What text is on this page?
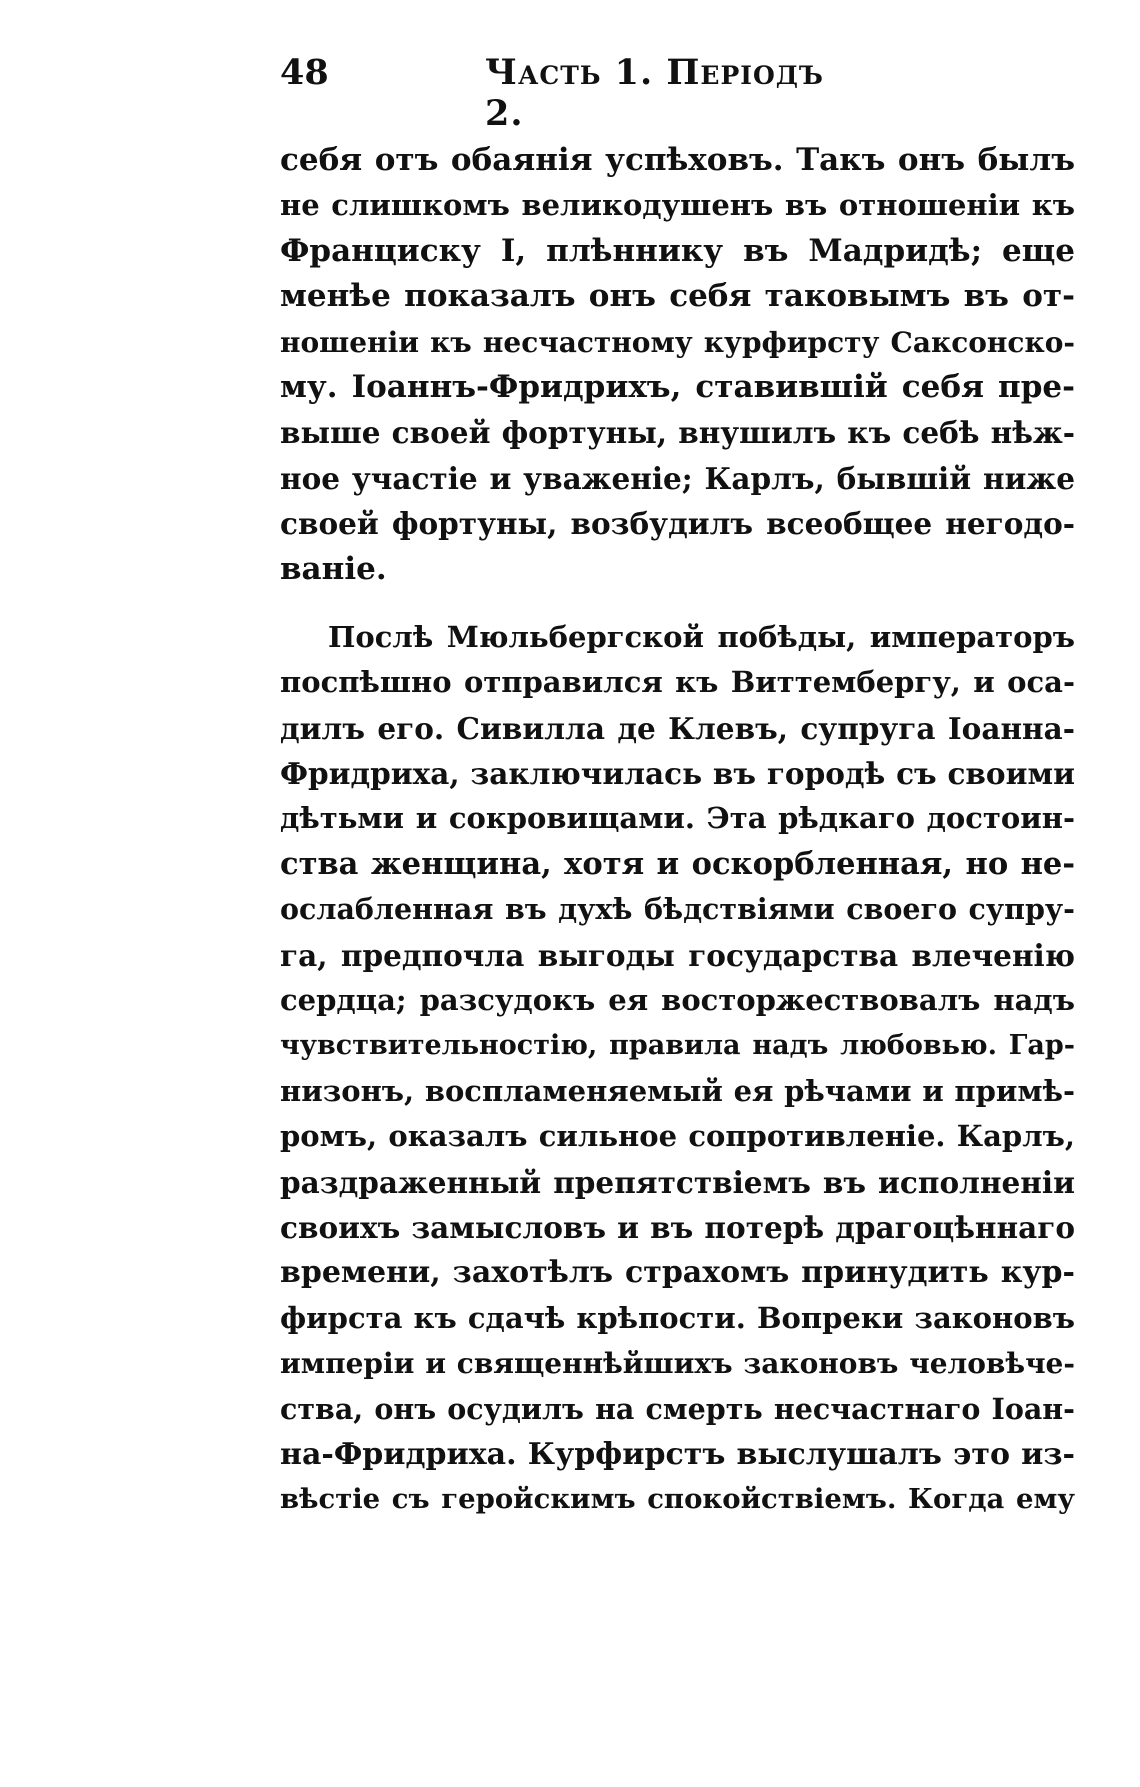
48	Часть 1. Періодъ 2.
себя отъ обаянія успѣховъ. Такъ онъ былъ
не слишкомъ великодушенъ въ отношеніи къ
Франциску I, плѣннику въ Мадридѣ; еще
менѣе показалъ онъ себя таковымъ въ от-
ношеніи къ несчастному курфирсту Саксонско-
му. Іоаннъ-Фридрихъ, ставившій себя пре-
выше своей фортуны, внушилъ къ себѣ нѣж-
ное участіе и уваженіе; Карлъ, бывшій ниже
своей фортуны, возбудилъ всеобщее негодо-
ваніе.
Послѣ Мюльбергской побѣды, императоръ
поспѣшно отправился къ Виттембергу, и оса-
дилъ его. Сивилла де Клевъ, супруга Іоанна-
Фридриха, заключилась въ городѣ съ своими
дѣтьми и сокровищами. Эта рѣдкаго достоин-
ства женщина, хотя и оскорбленная, но не-
ослабленная въ духѣ бѣдствіями своего супру-
га, предпочла выгоды государства влеченію
сердца; разсудокъ ея восторжествовалъ надъ
чувствительностію, правила надъ любовью. Гар-
низонъ, воспламеняемый ея рѣчами и примѣ-
ромъ, оказалъ сильное сопротивленіе. Карлъ,
раздраженный препятствіемъ въ исполненіи
своихъ замысловъ и въ потерѣ драгоцѣннаго
времени, захотѣлъ страхомъ принудить кур-
фирста къ сдачѣ крѣпости. Вопреки законовъ
имперіи и священнѣйшихъ законовъ человѣче-
ства, онъ осудилъ на смерть несчастнаго Іоан-
на-Фридриха. Курфирстъ выслушалъ это из-
вѣстіе съ геройскимъ спокойствіемъ. Когда ему
